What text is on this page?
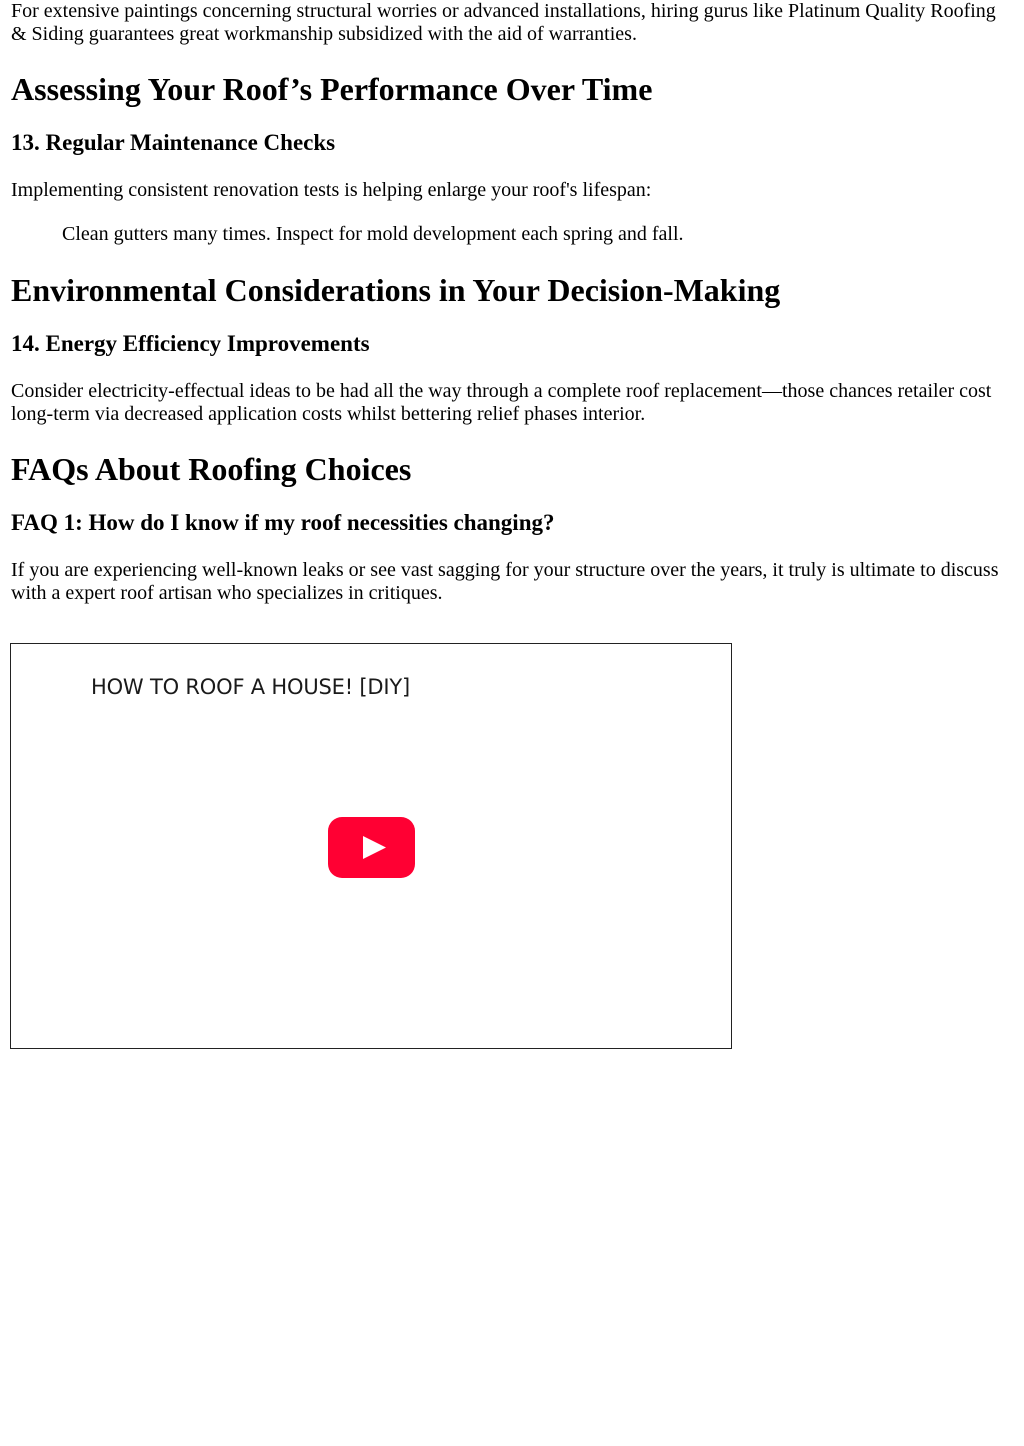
For extensive paintings concerning structural worries or advanced installations, hiring gurus like Platinum Quality Roofing & Siding guarantees great workmanship subsidized with the aid of warranties.

Assessing Your Roof’s Performance Over Time
13. Regular Maintenance Checks

Implementing consistent renovation tests is helping enlarge your roof's lifespan:

Clean gutters many times. Inspect for mold development each spring and fall.

Environmental Considerations in Your Decision-Making
14. Energy Efficiency Improvements

Consider electricity-effectual ideas to be had all the way through a complete roof replacement—those chances retailer cost long-term via decreased application costs whilst bettering relief phases interior.

FAQs About Roofing Choices
FAQ 1: How do I know if my roof necessities changing?

If you are experiencing well-known leaks or see vast sagging for your structure over the years, it truly is ultimate to discuss with a expert roof artisan who specializes in critiques.

HOW TO ROOF A HOUSE! [DIY]
